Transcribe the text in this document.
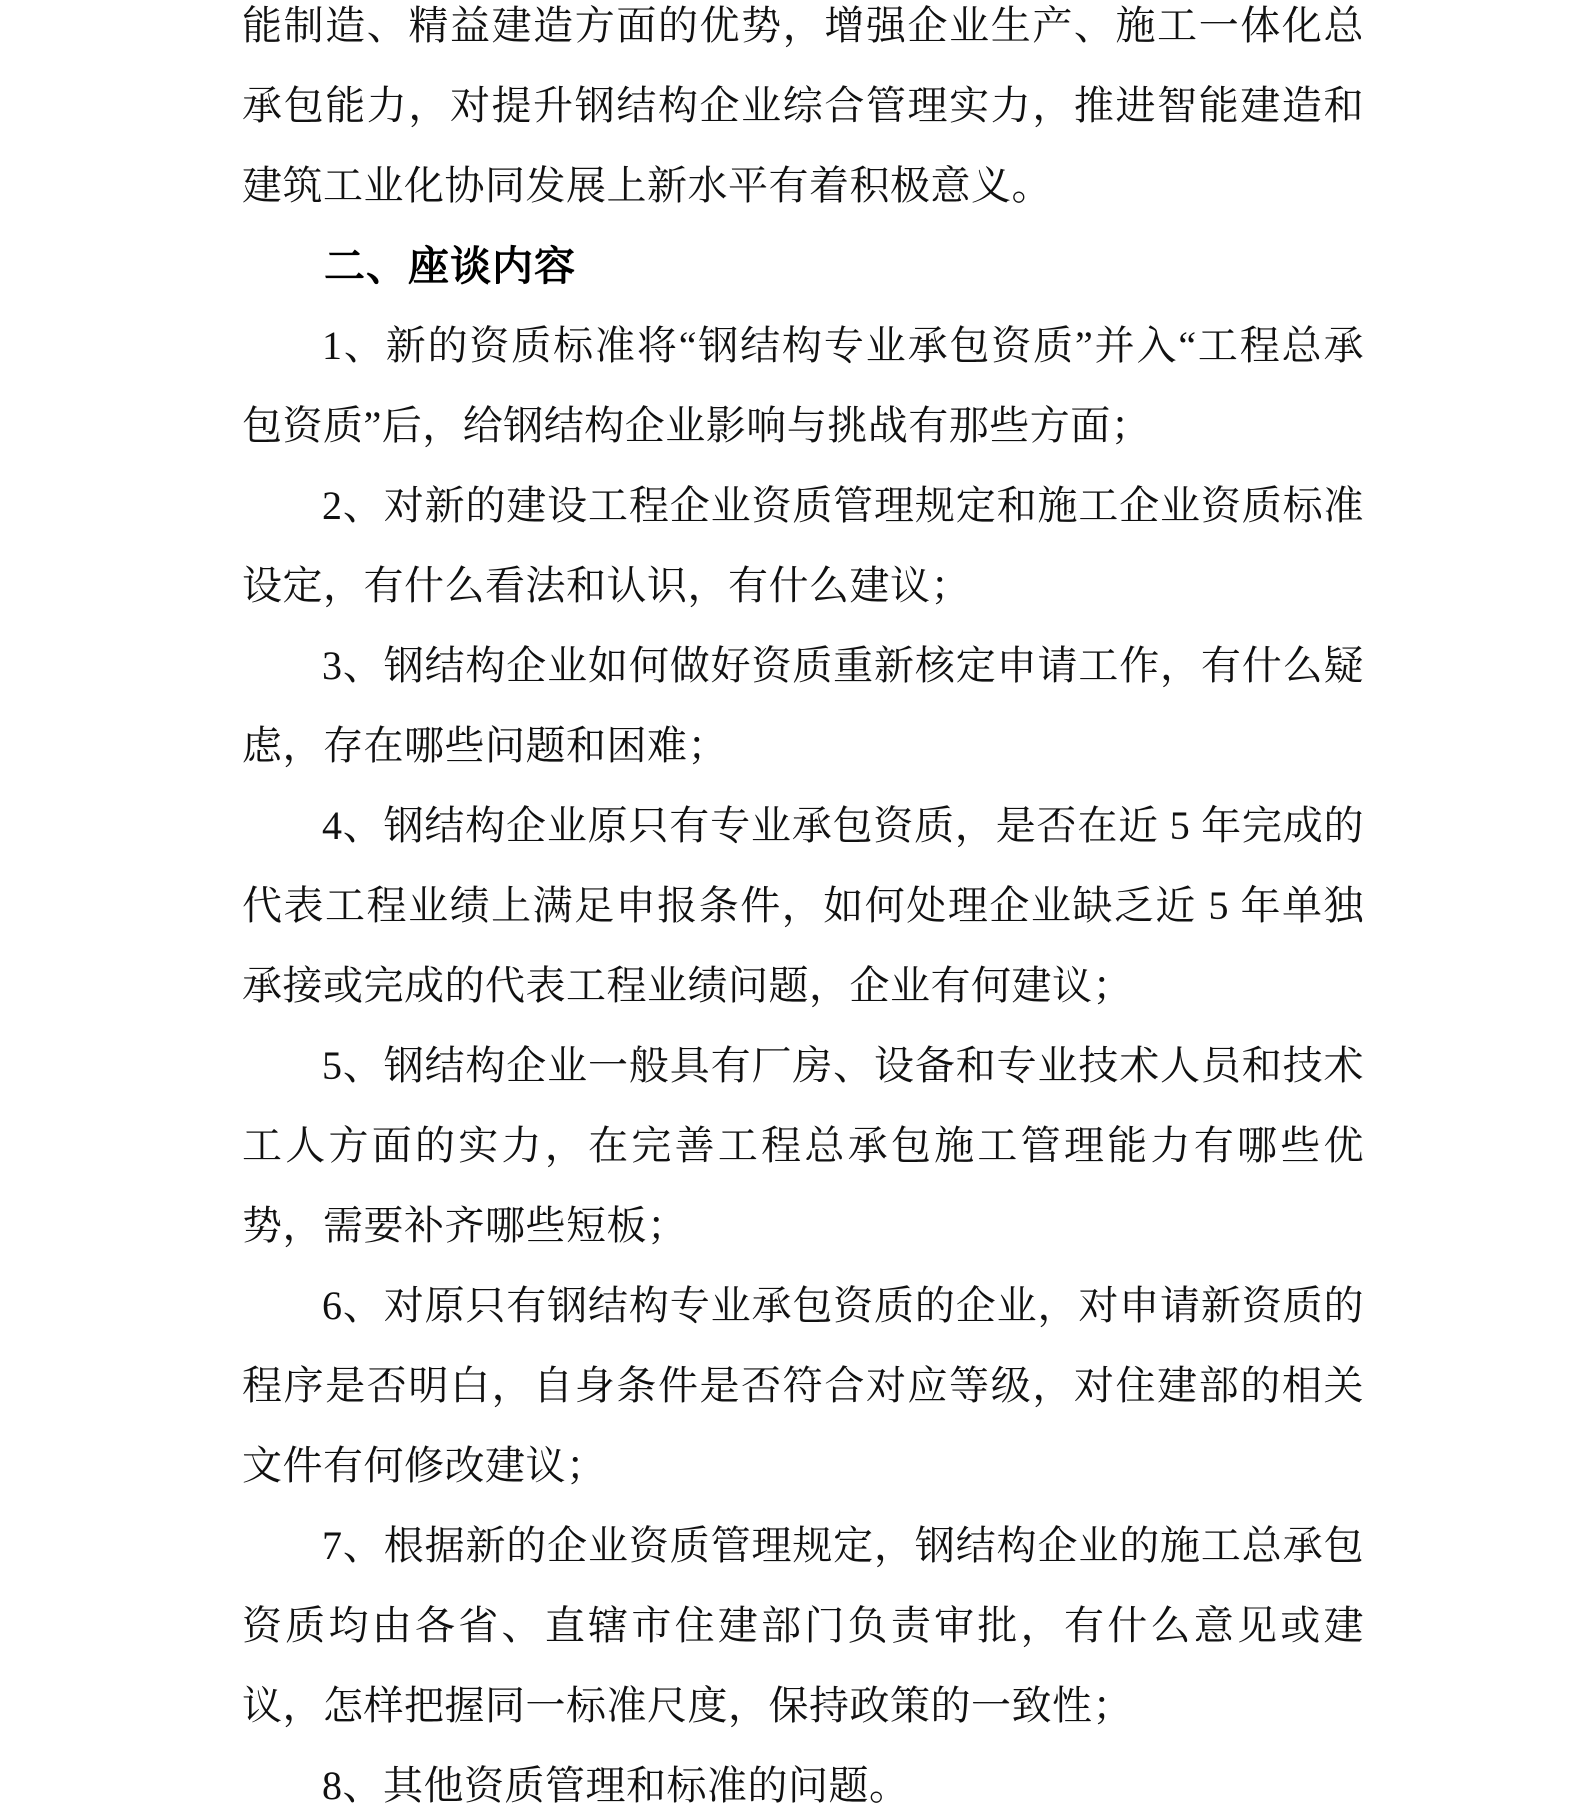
能制造、精益建造方面的优势，增强企业生产、施工一体化总承包能力，对提升钢结构企业综合管理实力，推进智能建造和建筑工业化协同发展上新水平有着积极意义。

二、座谈内容

1、新的资质标准将“钢结构专业承包资质”并入“工程总承包资质”后，给钢结构企业影响与挑战有那些方面；

2、对新的建设工程企业资质管理规定和施工企业资质标准设定，有什么看法和认识，有什么建议；

3、钢结构企业如何做好资质重新核定申请工作，有什么疑虑，存在哪些问题和困难；

4、钢结构企业原只有专业承包资质，是否在近 5 年完成的代表工程业绩上满足申报条件，如何处理企业缺乏近 5 年单独承接或完成的代表工程业绩问题，企业有何建议；

5、钢结构企业一般具有厂房、设备和专业技术人员和技术工人方面的实力，在完善工程总承包施工管理能力有哪些优势，需要补齐哪些短板；

6、对原只有钢结构专业承包资质的企业，对申请新资质的程序是否明白，自身条件是否符合对应等级，对住建部的相关文件有何修改建议；

7、根据新的企业资质管理规定，钢结构企业的施工总承包资质均由各省、直辖市住建部门负责审批，有什么意见或建议，怎样把握同一标准尺度，保持政策的一致性；

8、其他资质管理和标准的问题。
